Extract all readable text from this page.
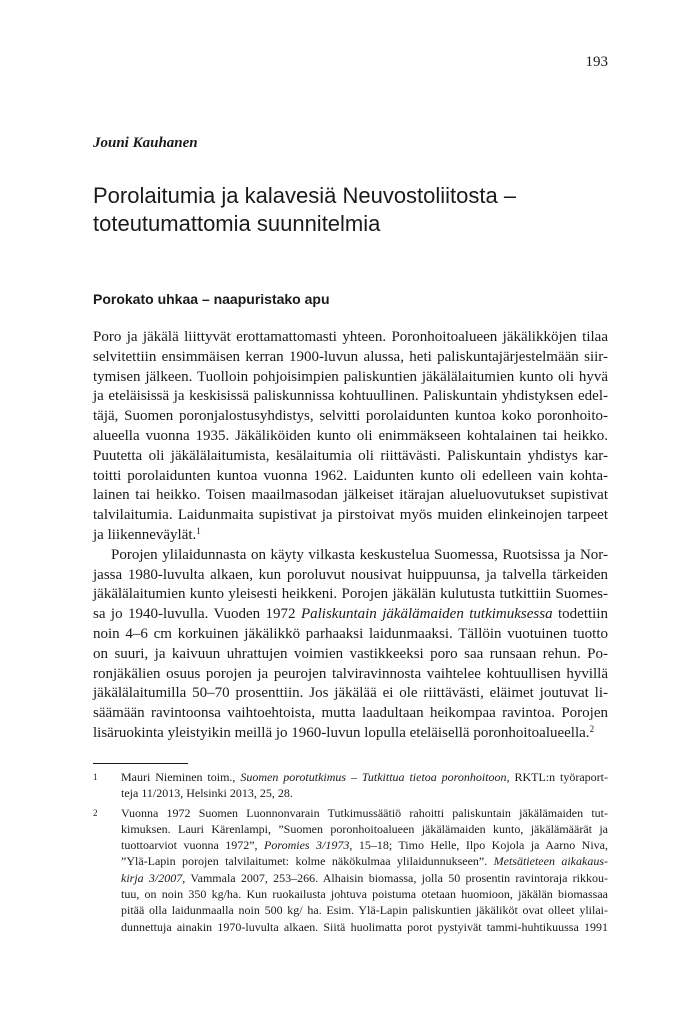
193
Jouni Kauhanen
Porolaitumia ja kalavesiä Neuvostoliitosta –
toteutumattomia suunnitelmia
Porokato uhkaa – naapuristako apu
Poro ja jäkälä liittyvät erottamattomasti yhteen. Poronhoitoalueen jäkälikköjen tilaa
selvitettiin ensimmäisen kerran 1900-luvun alussa, heti paliskuntajärjestelmään siir-
tymisen jälkeen. Tuolloin pohjoisimpien paliskuntien jäkälälaitumien kunto oli hyvä
ja eteläisissä ja keskisissä paliskunnissa kohtuullinen. Paliskuntain yhdistyksen edel-
täjä, Suomen poronjalostusyhdistys, selvitti porolaidunten kuntoa koko poronhoito-
alueella vuonna 1935. Jäkäliköiden kunto oli enimmäkseen kohtalainen tai heikko.
Puutetta oli jäkälälaitumista, kesälaitumia oli riittävästi. Paliskuntain yhdistys kar-
toitti porolaidunten kuntoa vuonna 1962. Laidunten kunto oli edelleen vain kohta-
lainen tai heikko. Toisen maailmasodan jälkeiset itärajan alueluovutukset supistivat
talvilaitumia. Laidunmaita supistivat ja pirstoivat myös muiden elinkeinojen tarpeet
ja liikenneväylät.$^1$
Porojen ylilaidunnasta on käyty vilkasta keskustelua Suomessa, Ruotsissa ja Nor-
jassa 1980-luvulta alkaen, kun poroluvut nousivat huippuunsa, ja talvella tärkeiden
jäkälälaitumien kunto yleisesti heikkeni. Porojen jäkälän kulutusta tutkittiin Suomes-
sa jo 1940-luvulla. Vuoden 1972 Paliskuntain jäkälämaiden tutkimuksessa todettiin
noin 4–6 cm korkuinen jäkälikkö parhaaksi laidunmaaksi. Tällöin vuotuinen tuotto
on suuri, ja kaivuun uhrattujen voimien vastikkeeksi poro saa runsaan rehun. Po-
ronjäkälien osuus porojen ja peurojen talviravinnosta vaihtelee kohtuullisen hyvillä
jäkälälaitumilla 50–70 prosenttiin. Jos jäkälää ei ole riittävästi, eläimet joutuvat li-
säämään ravintoonsa vaihtoehtoista, mutta laadultaan heikompaa ravintoa. Porojen
lisäruokinta yleistyikin meillä jo 1960-luvun lopulla eteläisellä poronhoitoalueella.$^2$
1 Mauri Nieminen toim., Suomen porotutkimus – Tutkittua tietoa poronhoitoon, RKTL:n työraport-
teja 11/2013, Helsinki 2013, 25, 28.
2 Vuonna 1972 Suomen Luonnonvarain Tutkimussäätiö rahoitti paliskuntain jäkälämaiden tut-
kimuksen. Lauri Kärenlampi, ”Suomen poronhoitoalueen jäkälämaiden kunto, jäkälämäärät ja
tuottoarviot vuonna 1972”, Poromies 3/1973, 15–18; Timo Helle, Ilpo Kojola ja Aarno Niva,
”Ylä-Lapin porojen talvilaitumet: kolme näkökulmaa ylilaidunnukseen”. Metsätieteen aikakaus-
kirja 3/2007, Vammala 2007, 253–266. Alhaisin biomassa, jolla 50 prosentin ravintoraja rikkou-
tuu, on noin 350 kg/ha. Kun ruokailusta johtuva poistuma otetaan huomioon, jäkälän biomassaa
pitää olla laidunmaalla noin 500 kg/ ha. Esim. Ylä-Lapin paliskuntien jäkäliköt ovat olleet ylilai-
dunnettuja ainakin 1970-luvulta alkaen. Siitä huolimatta porot pystyivät tammi-huhtikuussa 1991
